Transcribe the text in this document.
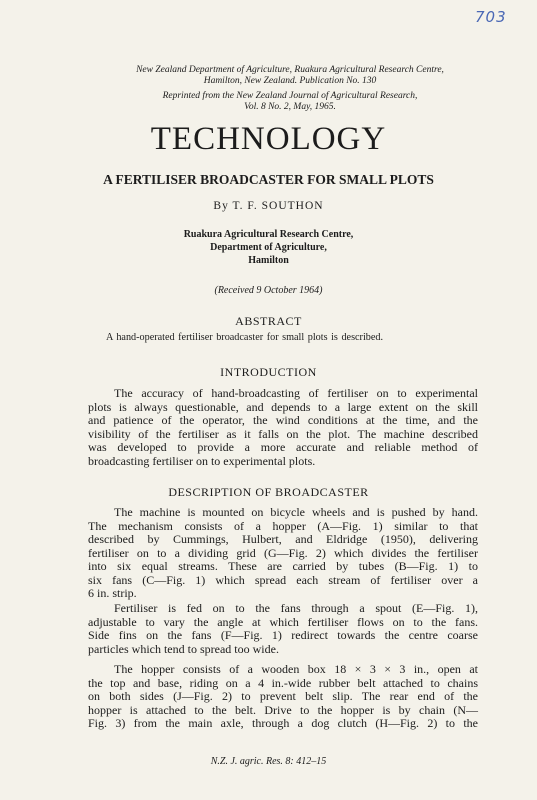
703
New Zealand Department of Agriculture, Ruakura Agricultural Research Centre,
Hamilton, New Zealand. Publication No. 130
Reprinted from the New Zealand Journal of Agricultural Research,
Vol. 8 No. 2, May, 1965.
TECHNOLOGY
A FERTILISER BROADCASTER FOR SMALL PLOTS
By T. F. SOUTHON
Ruakura Agricultural Research Centre,
Department of Agriculture,
Hamilton
(Received 9 October 1964)
ABSTRACT
A hand-operated fertiliser broadcaster for small plots is described.
INTRODUCTION
The accuracy of hand-broadcasting of fertiliser on to experimental
plots is always questionable, and depends to a large extent on the skill
and patience of the operator, the wind conditions at the time, and the
visibility of the fertiliser as it falls on the plot. The machine described
was developed to provide a more accurate and reliable method of
broadcasting fertiliser on to experimental plots.
DESCRIPTION OF BROADCASTER
The machine is mounted on bicycle wheels and is pushed by hand.
The mechanism consists of a hopper (A—Fig. 1) similar to that
described by Cummings, Hulbert, and Eldridge (1950), delivering
fertiliser on to a dividing grid (G—Fig. 2) which divides the fertiliser
into six equal streams. These are carried by tubes (B—Fig. 1) to
six fans (C—Fig. 1) which spread each stream of fertiliser over a
6 in. strip.
Fertiliser is fed on to the fans through a spout (E—Fig. 1),
adjustable to vary the angle at which fertiliser flows on to the fans.
Side fins on the fans (F—Fig. 1) redirect towards the centre coarse
particles which tend to spread too wide.
The hopper consists of a wooden box 18 × 3 × 3 in., open at
the top and base, riding on a 4 in.-wide rubber belt attached to chains
on both sides (J—Fig. 2) to prevent belt slip. The rear end of the
hopper is attached to the belt. Drive to the hopper is by chain (N—
Fig. 3) from the main axle, through a dog clutch (H—Fig. 2) to the
N.Z. J. agric. Res. 8: 412–15
